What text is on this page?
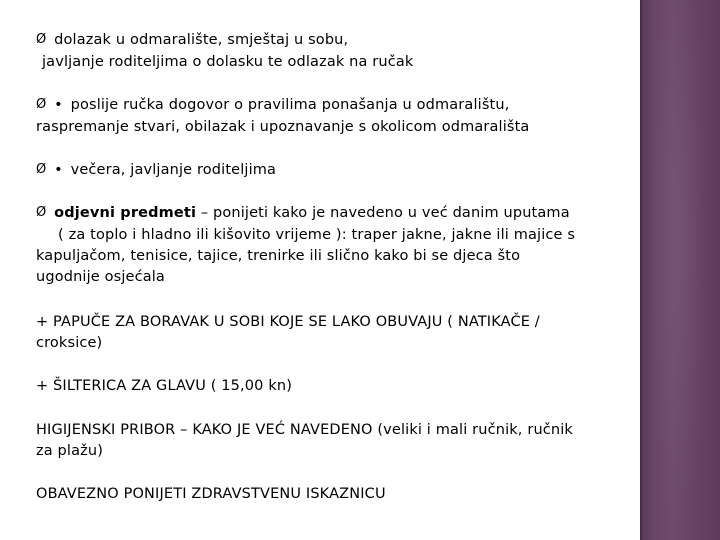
Ø dolazak u odmaralište, smještaj u sobu,
javljanje roditeljima o dolasku te odlazak na ručak
Ø • poslije ručka dogovor o pravilima ponašanja u odmaralištu,
raspremanje stvari, obilazak i upoznavanje s okolicom odmarališta
Ø • večera, javljanje roditeljima
Ø odjevni predmeti – ponijeti kako je navedeno u već danim uputama
( za toplo i hladno ili kišovito vrijeme ): traper jakne, jakne ili majice s
kapuljačom, tenisice, tajice, trenirke ili slično kako bi se djeca što
ugodnije osjećala
+ PAPUČE ZA BORAVAK U SOBI KOJE SE LAKO OBUVAJU ( NATIKAČE /
croksice)
+ ŠILTERICA ZA GLAVU ( 15,00 kn)
HIGIJENSKI PRIBOR – KAKO JE VEĆ NAVEDENO (veliki i mali ručnik, ručnik
za plažu)
OBAVEZNO PONIJETI ZDRAVSTVENU ISKAZNICU
